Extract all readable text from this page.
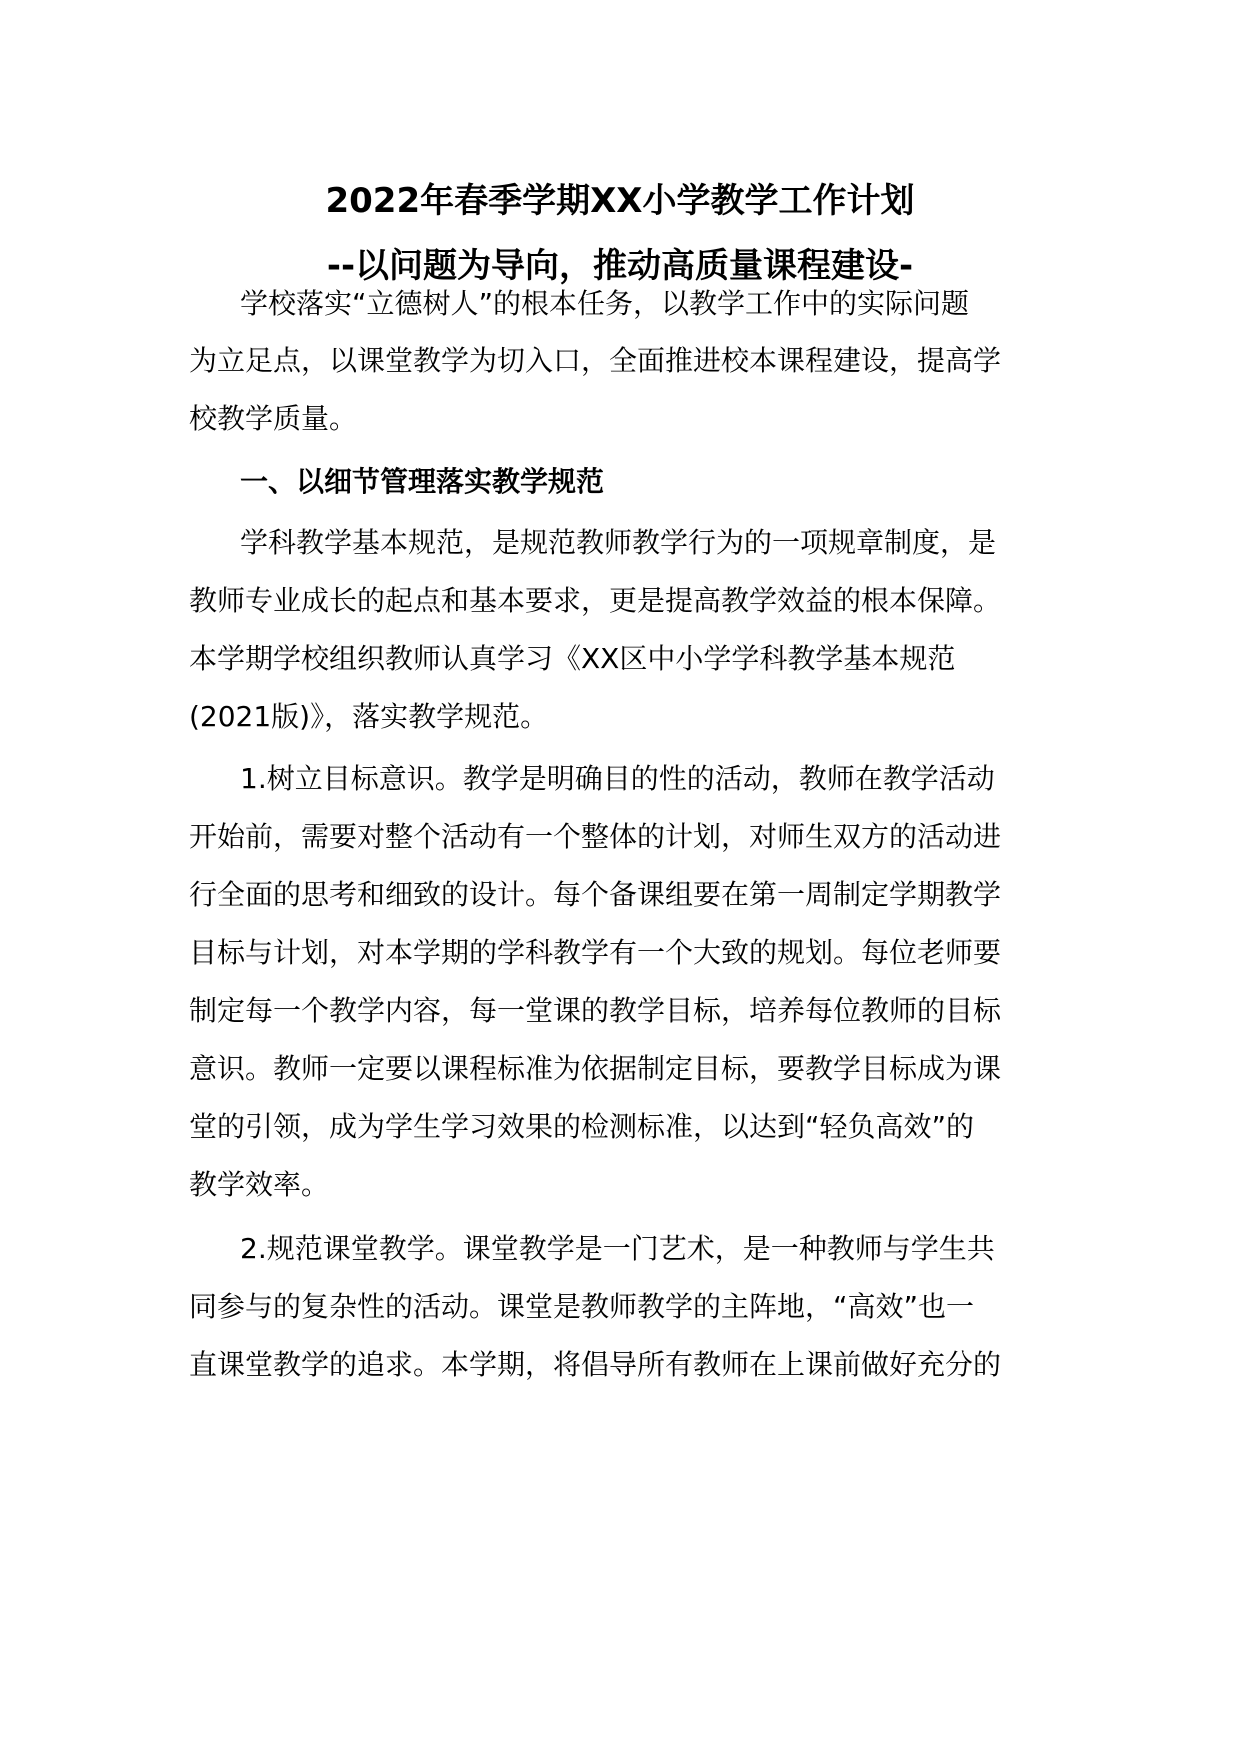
2022年春季学期XX小学教学工作计划
--以问题为导向，推动高质量课程建设-

学校落实“立德树人”的根本任务，以教学工作中的实际问题

为立足点，以课堂教学为切入口，全面推进校本课程建设，提高学

校教学质量。

一、以细节管理落实教学规范

学科教学基本规范，是规范教师教学行为的一项规章制度，是

教师专业成长的起点和基本要求，更是提高教学效益的根本保障。

本学期学校组织教师认真学习《XX区中小学学科教学基本规范

(2021版)》，落实教学规范。

1.树立目标意识。教学是明确目的性的活动，教师在教学活动

开始前，需要对整个活动有一个整体的计划，对师生双方的活动进

行全面的思考和细致的设计。每个备课组要在第一周制定学期教学

目标与计划，对本学期的学科教学有一个大致的规划。每位老师要

制定每一个教学内容，每一堂课的教学目标，培养每位教师的目标

意识。教师一定要以课程标准为依据制定目标，要教学目标成为课

堂的引领，成为学生学习效果的检测标准，以达到“轻负高效”的

教学效率。

2.规范课堂教学。课堂教学是一门艺术，是一种教师与学生共

同参与的复杂性的活动。课堂是教师教学的主阵地，“高效”也一

直课堂教学的追求。本学期，将倡导所有教师在上课前做好充分的
